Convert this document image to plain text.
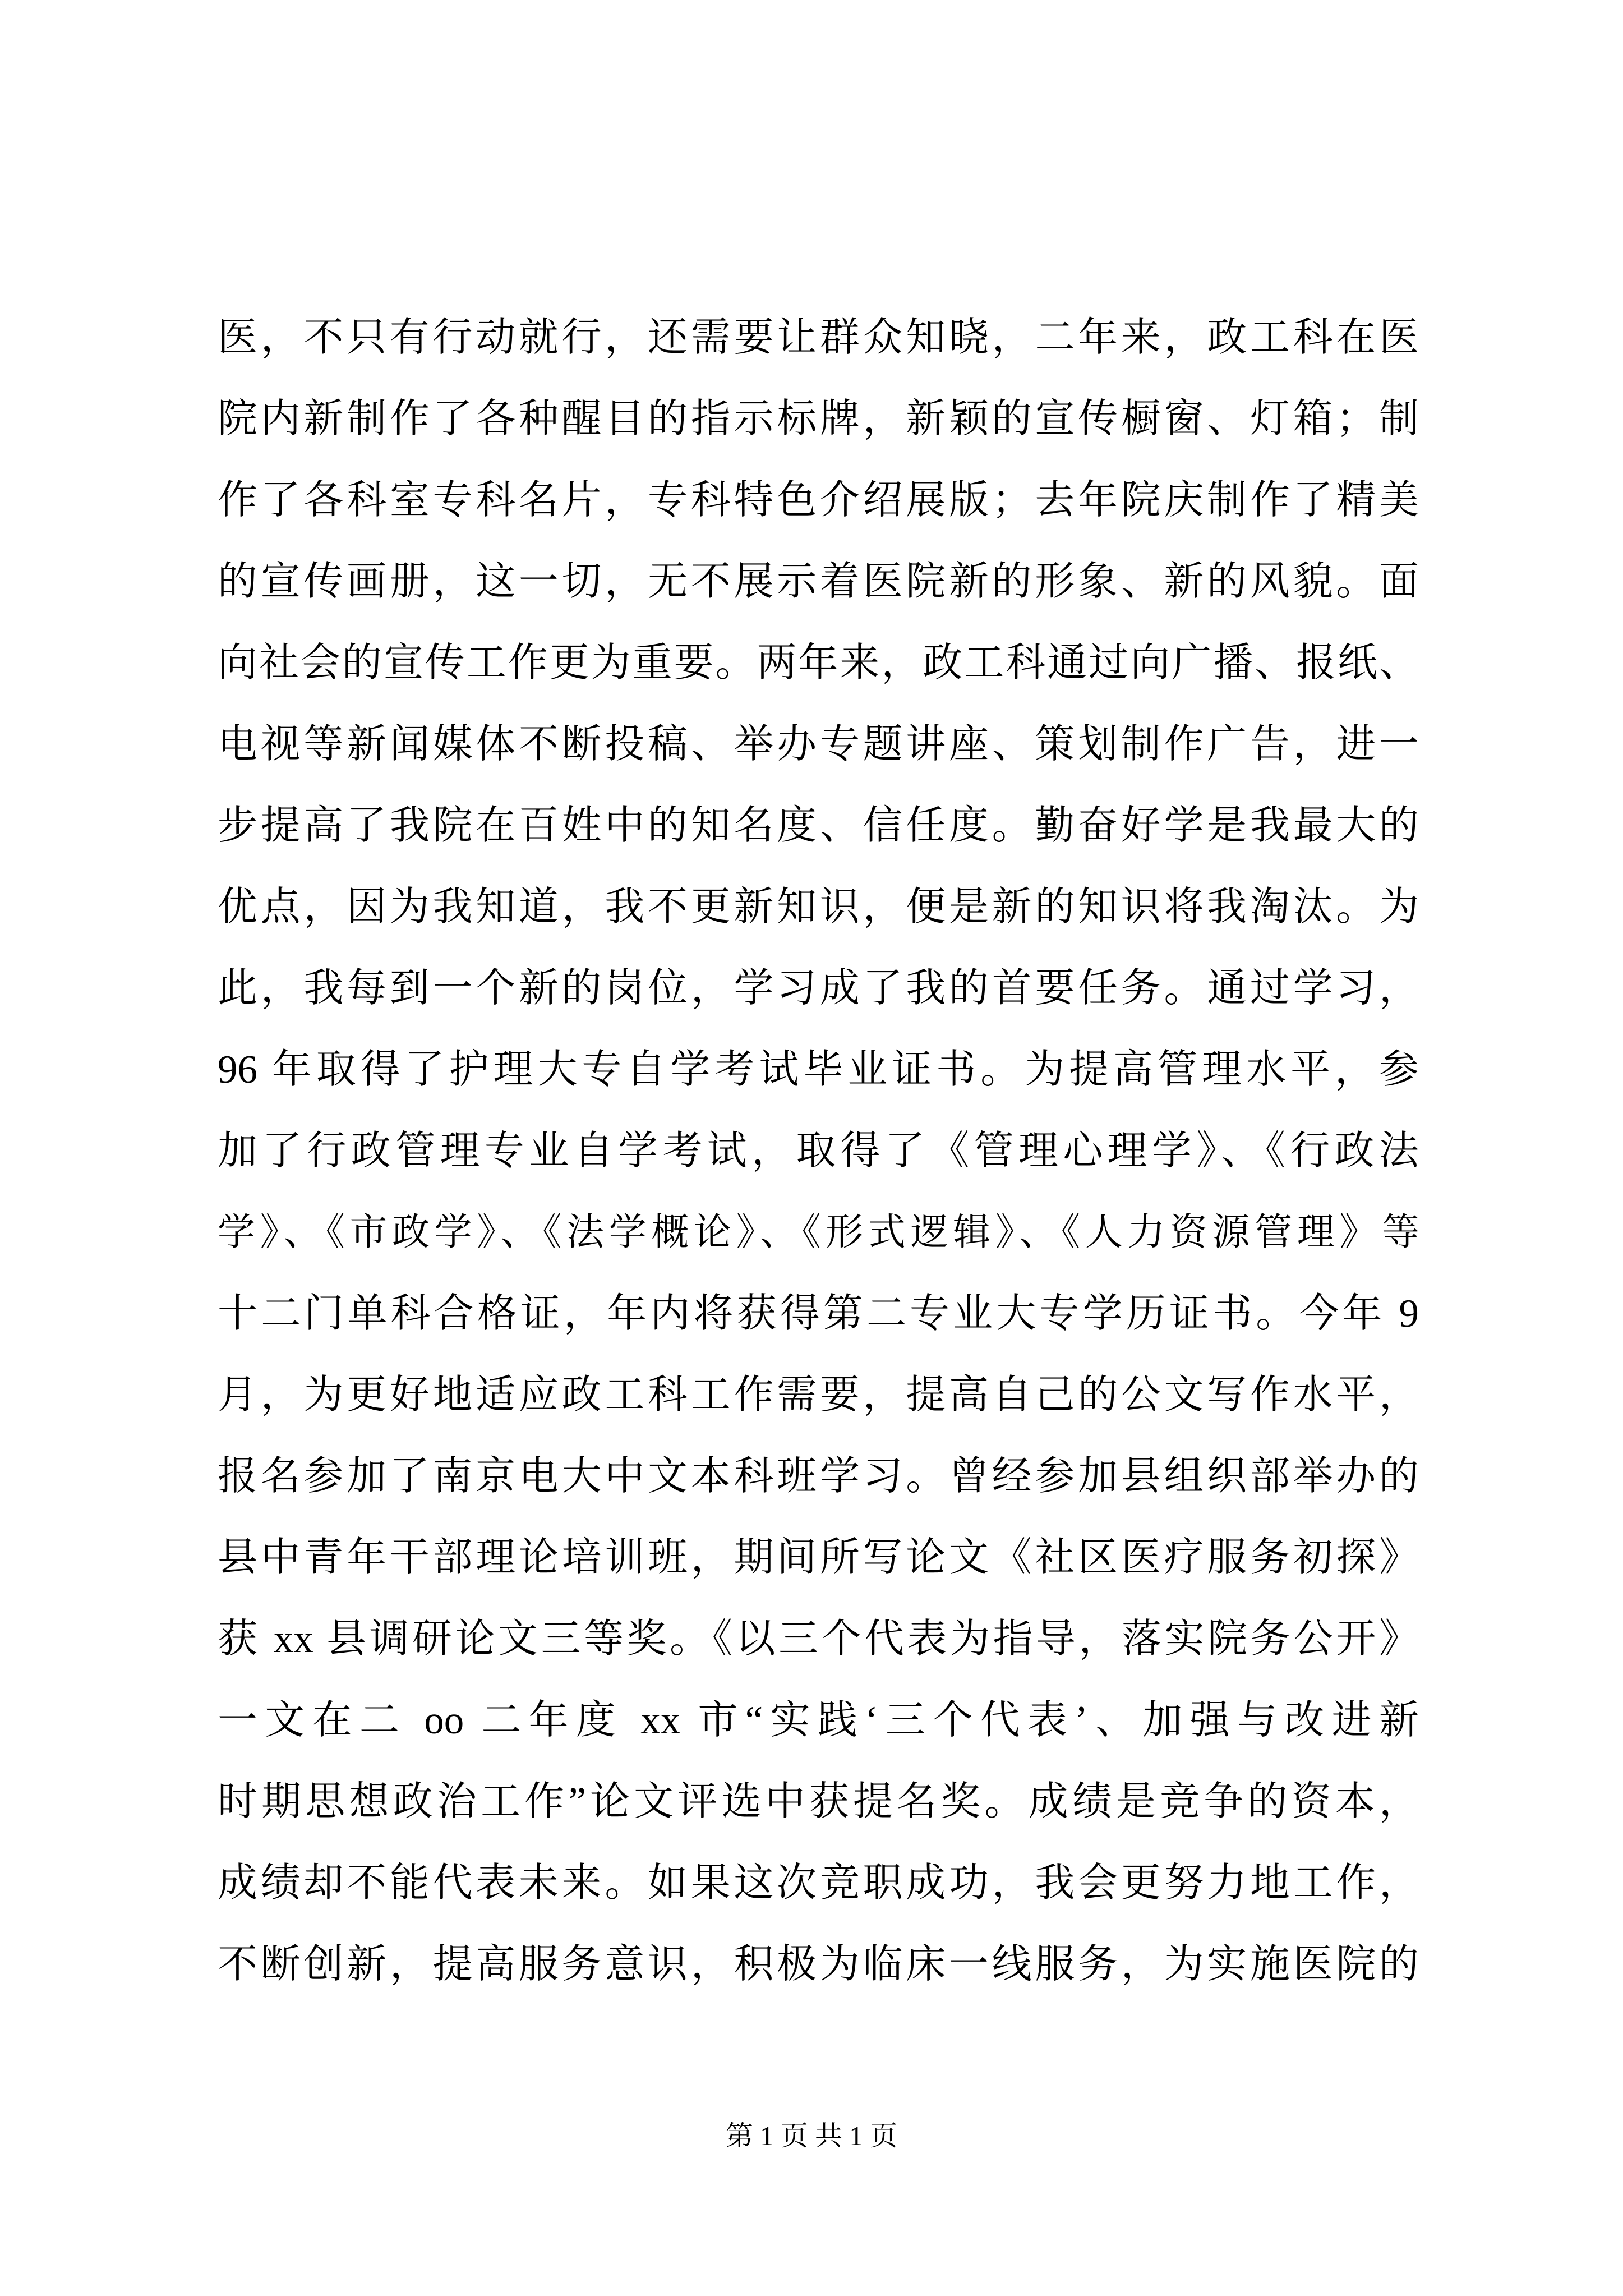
医，不只有行动就行，还需要让群众知晓，二年来，政工科在医
院内新制作了各种醒目的指示标牌，新颖的宣传橱窗、灯箱；制
作了各科室专科名片，专科特色介绍展版；去年院庆制作了精美
的宣传画册，这一切，无不展示着医院新的形象、新的风貌。面
向社会的宣传工作更为重要。两年来，政工科通过向广播、报纸、
电视等新闻媒体不断投稿、举办专题讲座、策划制作广告，进一
步提高了我院在百姓中的知名度、信任度。勤奋好学是我最大的
优点，因为我知道，我不更新知识，便是新的知识将我淘汰。为
此，我每到一个新的岗位，学习成了我的首要任务。通过学习，
96 年取得了护理大专自学考试毕业证书。为提高管理水平，参
加了行政管理专业自学考试，取得了《管理心理学》、《行政法
学》、《市政学》、《法学概论》、《形式逻辑》、《人力资源管理》等
十二门单科合格证，年内将获得第二专业大专学历证书。今年 9
月，为更好地适应政工科工作需要，提高自己的公文写作水平，
报名参加了南京电大中文本科班学习。曾经参加县组织部举办的
县中青年干部理论培训班，期间所写论文《社区医疗服务初探》
获 xx 县调研论文三等奖。《以三个代表为指导，落实院务公开》
一文在二 oo 二年度 xx 市“实践‘三个代表’、加强与改进新
时期思想政治工作”论文评选中获提名奖。成绩是竞争的资本，
成绩却不能代表未来。如果这次竞职成功，我会更努力地工作，
不断创新，提高服务意识，积极为临床一线服务，为实施医院的
第 1 页 共 1 页
